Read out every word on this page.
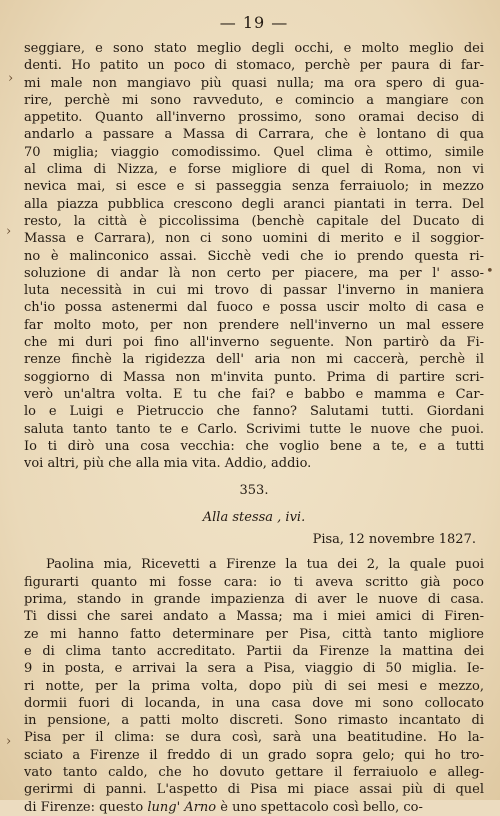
— 19 —
seggiare, e sono stato meglio degli occhi, e molto meglio dei
denti. Ho patito un poco di stomaco, perchè per paura di far-
mi male non mangiavo più quasi nulla; ma ora spero di gua-
rire, perchè mi sono ravveduto, e comincio a mangiare con
appetito. Quanto all'inverno prossimo, sono oramai deciso di
andarlo a passare a Massa di Carrara, che è lontano di qua
70 miglia; viaggio comodissimo. Quel clima è ottimo, simile
al clima di Nizza, e forse migliore di quel di Roma, non vi
nevica mai, si esce e si passeggia senza ferraiuolo; in mezzo
alla piazza pubblica crescono degli aranci piantati in terra. Del
resto, la città è piccolissima (benchè capitale del Ducato di
Massa e Carrara), non ci sono uomini di merito e il soggior-
no è malinconico assai. Sicchè vedi che io prendo questa ri-
soluzione di andar là non certo per piacere, ma per l' asso-
luta necessità in cui mi trovo di passar l'inverno in maniera
ch'io possa astenermi dal fuoco e possa uscir molto di casa e
far molto moto, per non prendere nell'inverno un mal essere
che mi duri poi fino all'inverno seguente. Non partirò da Fi-
renze finchè la rigidezza dell' aria non mi caccerà, perchè il
soggiorno di Massa non m'invita punto. Prima di partire scri-
verò un'altra volta. E tu che fai? e babbo e mamma e Car-
lo e Luigi e Pietruccio che fanno? Salutami tutti. Giordani
saluta tanto tanto te e Carlo. Scrivimi tutte le nuove che puoi.
Io ti dirò una cosa vecchia: che voglio bene a te, e a tutti
voi altri, più che alla mia vita. Addio, addio.
353.
Alla stessa , ivi.
Pisa, 12 novembre 1827.
Paolina mia, Ricevetti a Firenze la tua dei 2, la quale puoi
figurarti quanto mi fosse cara: io ti aveva scritto già poco
prima, stando in grande impazienza di aver le nuove di casa.
Ti dissi che sarei andato a Massa; ma i miei amici di Firen-
ze mi hanno fatto determinare per Pisa, città tanto migliore
e di clima tanto accreditato. Partii da Firenze la mattina dei
9 in posta, e arrivai la sera a Pisa, viaggio di 50 miglia. Ie-
ri notte, per la prima volta, dopo più di sei mesi e mezzo,
dormii fuori di locanda, in una casa dove mi sono collocato
in pensione, a patti molto discreti. Sono rimasto incantato di
Pisa per il clima: se dura così, sarà una beatitudine. Ho la-
sciato a Firenze il freddo di un grado sopra gelo; qui ho tro-
vato tanto caldo, che ho dovuto gettare il ferraiuolo e alleg-
gerirmi di panni. L'aspetto di Pisa mi piace assai più di quel
di Firenze: questo lung' Arno è uno spettacolo così bello, co-
›
›
•
›
